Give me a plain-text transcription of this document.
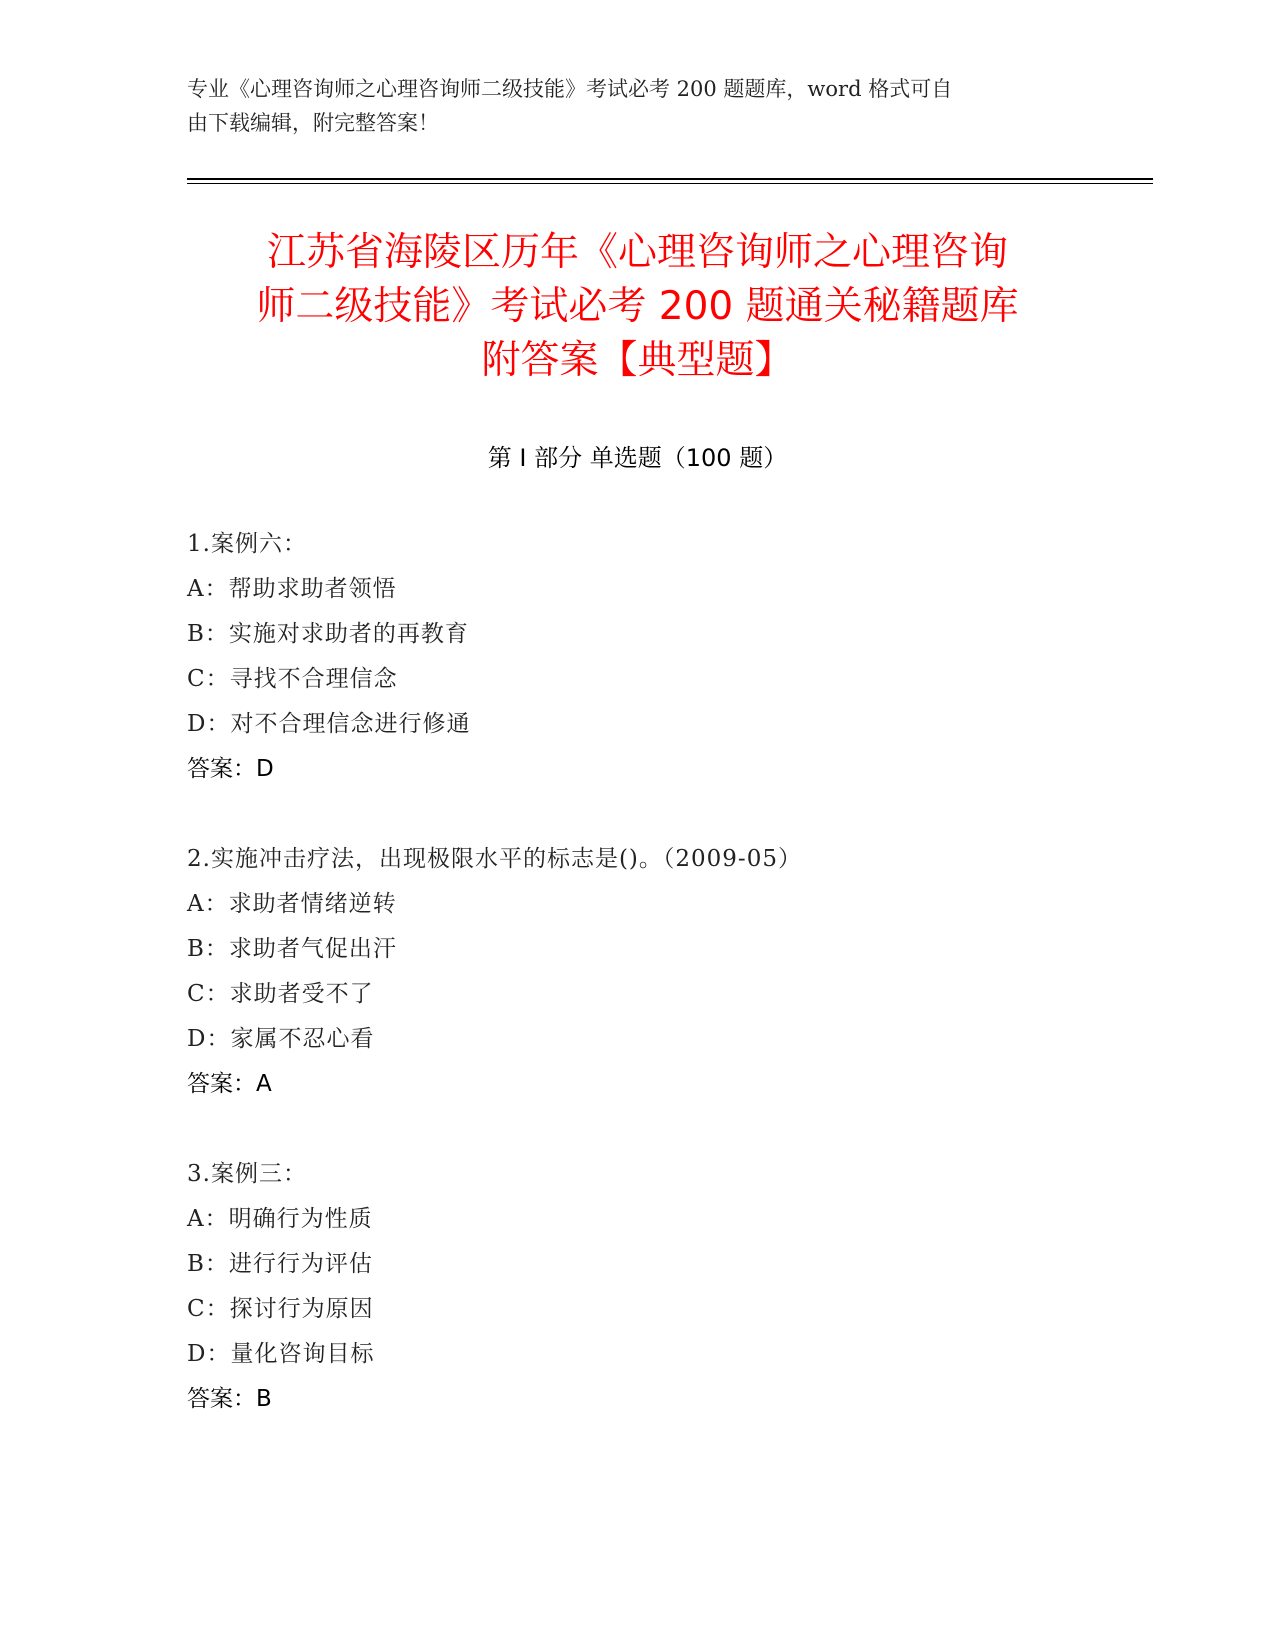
专业《心理咨询师之心理咨询师二级技能》考试必考 200 题题库，word 格式可自
由下载编辑，附完整答案！
江苏省海陵区历年《心理咨询师之心理咨询
师二级技能》考试必考 200 题通关秘籍题库
附答案【典型题】
第 I 部分 单选题（100 题）
1.案例六：
A：帮助求助者领悟
B：实施对求助者的再教育
C：寻找不合理信念
D：对不合理信念进行修通
答案：D
2.实施冲击疗法，出现极限水平的标志是()。（2009-05）
A：求助者情绪逆转
B：求助者气促出汗
C：求助者受不了
D：家属不忍心看
答案：A
3.案例三：
A：明确行为性质
B：进行行为评估
C：探讨行为原因
D：量化咨询目标
答案：B
